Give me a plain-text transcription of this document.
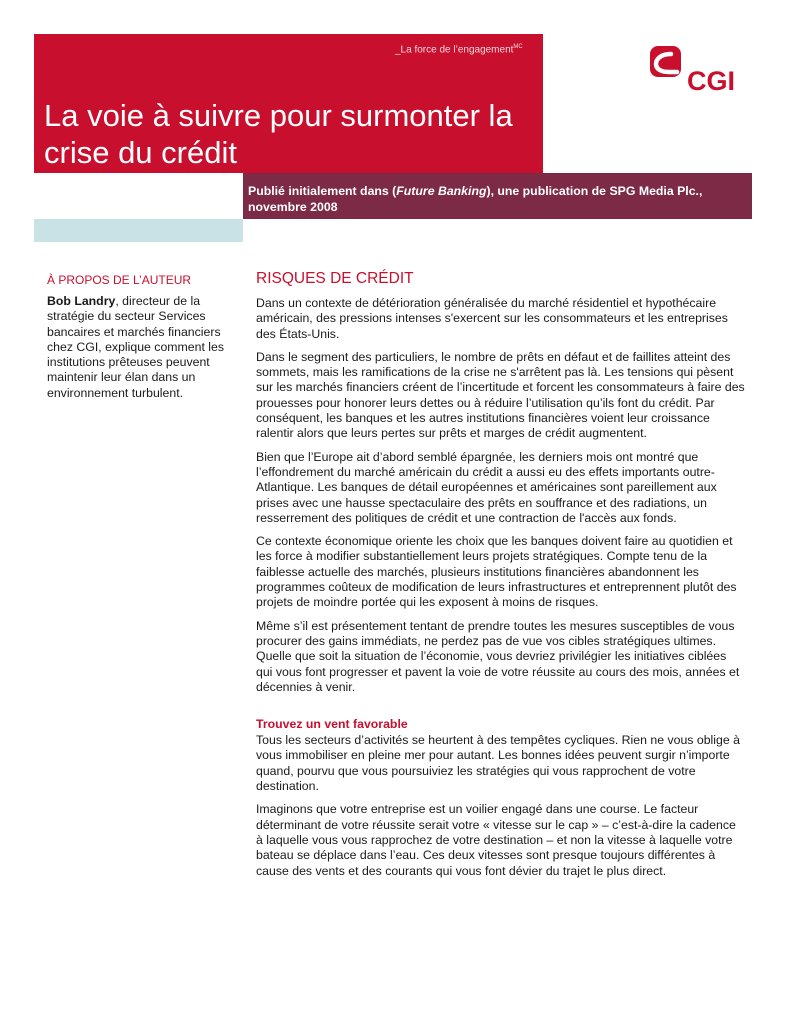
_La force de l’engagement$^{MC}$
La voie à suivre pour surmonter la crise du crédit
CGI

Publié initialement dans (Future Banking), une publication de SPG Media Plc., novembre 2008

À PROPOS DE L’AUTEUR

Bob Landry, directeur de la stratégie du secteur Services bancaires et marchés financiers chez CGI, explique comment les institutions prêteuses peuvent maintenir leur élan dans un environnement turbulent.

RISQUES DE CRÉDIT

Dans un contexte de détérioration généralisée du marché résidentiel et hypothécaire américain, des pressions intenses s'exercent sur les consommateurs et les entreprises des États-Unis.

Dans le segment des particuliers, le nombre de prêts en défaut et de faillites atteint des sommets, mais les ramifications de la crise ne s'arrêtent pas là. Les tensions qui pèsent sur les marchés financiers créent de l’incertitude et forcent les consommateurs à faire des prouesses pour honorer leurs dettes ou à réduire l’utilisation qu’ils font du crédit. Par conséquent, les banques et les autres institutions financières voient leur croissance ralentir alors que leurs pertes sur prêts et marges de crédit augmentent.

Bien que l’Europe ait d’abord semblé épargnée, les derniers mois ont montré que l’effondrement du marché américain du crédit a aussi eu des effets importants outre-Atlantique. Les banques de détail européennes et américaines sont pareillement aux prises avec une hausse spectaculaire des prêts en souffrance et des radiations, un resserrement des politiques de crédit et une contraction de l'accès aux fonds.

Ce contexte économique oriente les choix que les banques doivent faire au quotidien et les force à modifier substantiellement leurs projets stratégiques. Compte tenu de la faiblesse actuelle des marchés, plusieurs institutions financières abandonnent les programmes coûteux de modification de leurs infrastructures et entreprennent plutôt des projets de moindre portée qui les exposent à moins de risques.

Même s’il est présentement tentant de prendre toutes les mesures susceptibles de vous procurer des gains immédiats, ne perdez pas de vue vos cibles stratégiques ultimes. Quelle que soit la situation de l’économie, vous devriez privilégier les initiatives ciblées qui vous font progresser et pavent la voie de votre réussite au cours des mois, années et décennies à venir.

Trouvez un vent favorable

Tous les secteurs d’activités se heurtent à des tempêtes cycliques. Rien ne vous oblige à vous immobiliser en pleine mer pour autant. Les bonnes idées peuvent surgir n’importe quand, pourvu que vous poursuiviez les stratégies qui vous rapprochent de votre destination.

Imaginons que votre entreprise est un voilier engagé dans une course. Le facteur déterminant de votre réussite serait votre « vitesse sur le cap » – c’est-à-dire la cadence à laquelle vous vous rapprochez de votre destination – et non la vitesse à laquelle votre bateau se déplace dans l’eau. Ces deux vitesses sont presque toujours différentes à cause des vents et des courants qui vous font dévier du trajet le plus direct.
